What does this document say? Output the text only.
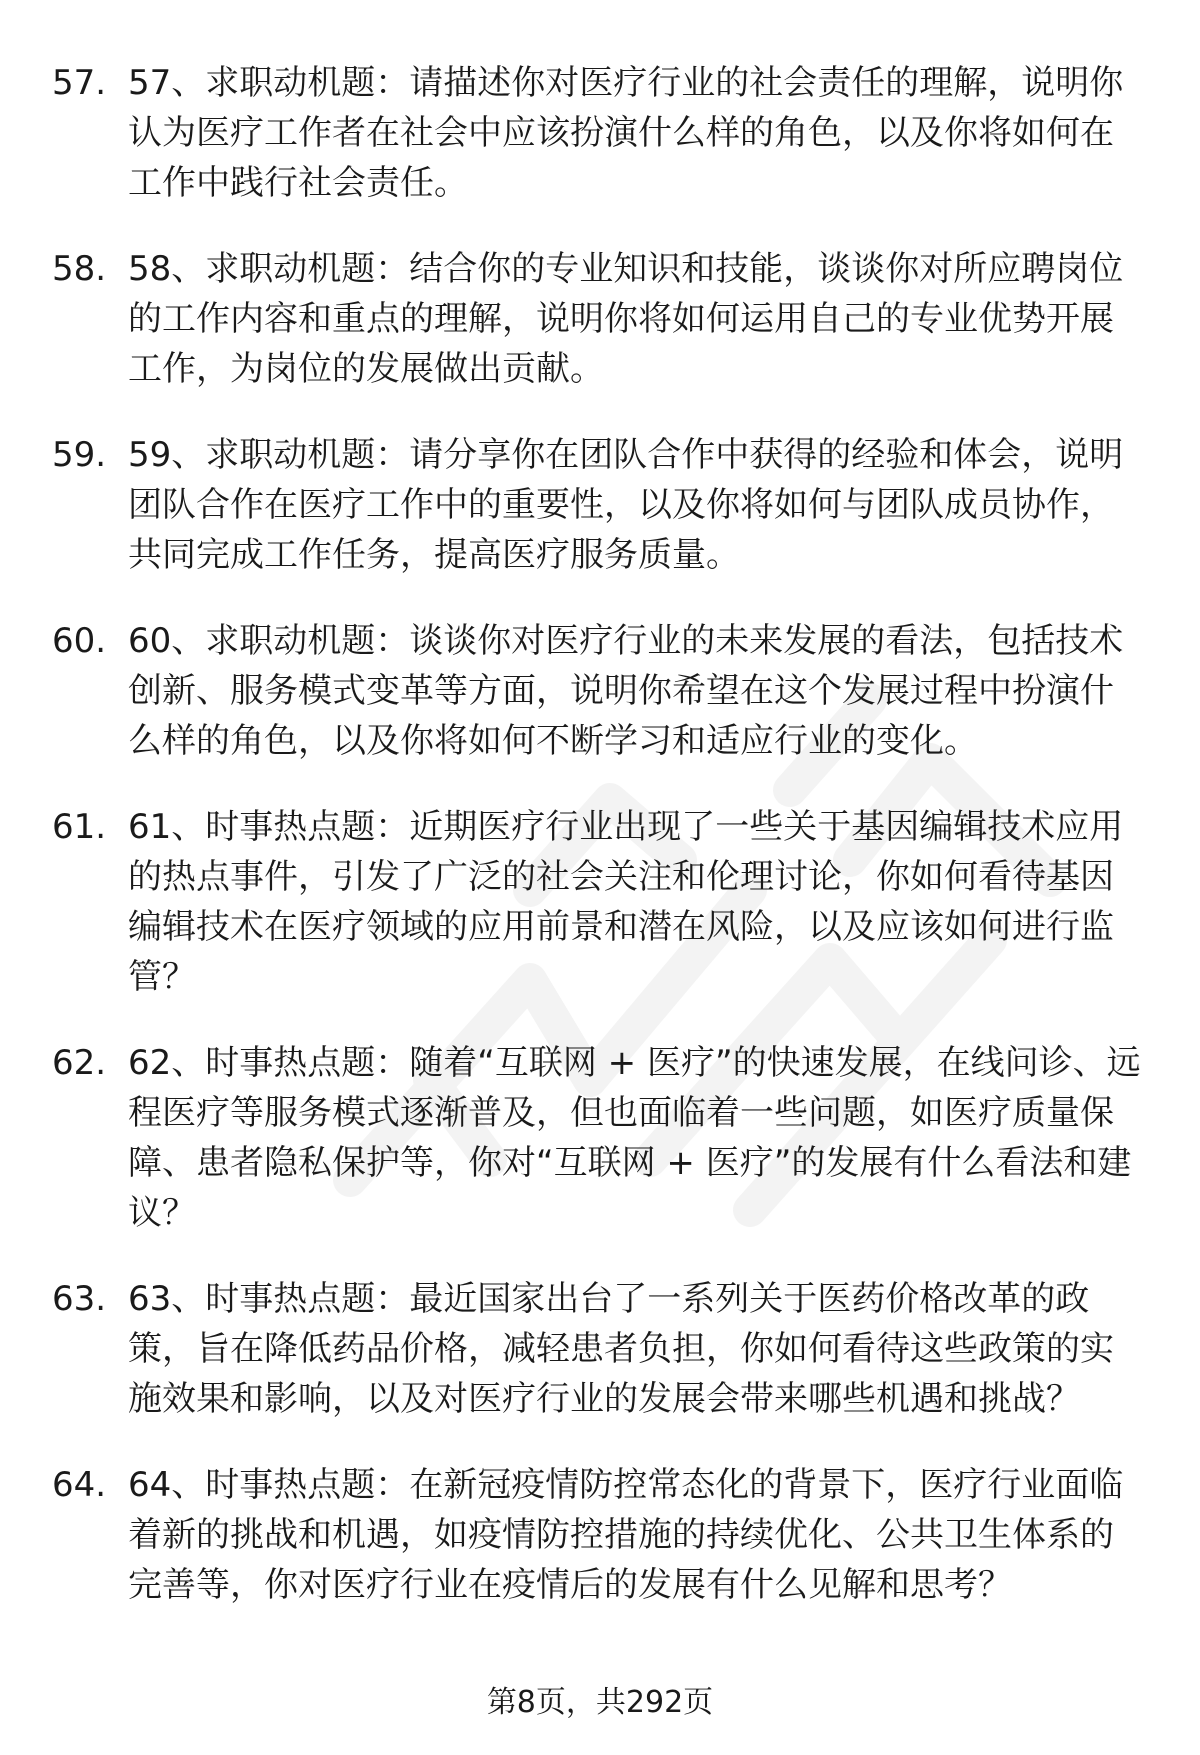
57. 57、求职动机题：请描述你对医疗行业的社会责任的理解，说明你认为医疗工作者在社会中应该扮演什么样的角色，以及你将如何在工作中践行社会责任。
58. 58、求职动机题：结合你的专业知识和技能，谈谈你对所应聘岗位的工作内容和重点的理解，说明你将如何运用自己的专业优势开展工作，为岗位的发展做出贡献。
59. 59、求职动机题：请分享你在团队合作中获得的经验和体会，说明团队合作在医疗工作中的重要性，以及你将如何与团队成员协作，共同完成工作任务，提高医疗服务质量。
60. 60、求职动机题：谈谈你对医疗行业的未来发展的看法，包括技术创新、服务模式变革等方面，说明你希望在这个发展过程中扮演什么样的角色，以及你将如何不断学习和适应行业的变化。
61. 61、时事热点题：近期医疗行业出现了一些关于基因编辑技术应用的热点事件，引发了广泛的社会关注和伦理讨论，你如何看待基因编辑技术在医疗领域的应用前景和潜在风险，以及应该如何进行监管？
62. 62、时事热点题：随着“互联网 + 医疗”的快速发展，在线问诊、远程医疗等服务模式逐渐普及，但也面临着一些问题，如医疗质量保障、患者隐私保护等，你对“互联网 + 医疗”的发展有什么看法和建议？
63. 63、时事热点题：最近国家出台了一系列关于医药价格改革的政策，旨在降低药品价格，减轻患者负担，你如何看待这些政策的实施效果和影响，以及对医疗行业的发展会带来哪些机遇和挑战？
64. 64、时事热点题：在新冠疫情防控常态化的背景下，医疗行业面临着新的挑战和机遇，如疫情防控措施的持续优化、公共卫生体系的完善等，你对医疗行业在疫情后的发展有什么见解和思考？
第8页，共292页
